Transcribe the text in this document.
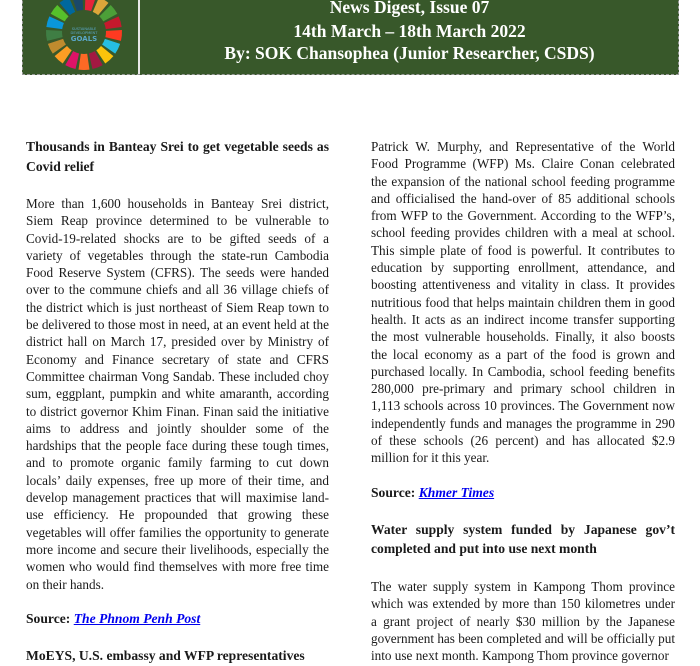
SUSTAINABLE
DEVELOPMENT
GOALS
News Digest, Issue 07
14th March – 18th March 2022
By: SOK Chansophea (Junior Researcher, CSDS)
Thousands in Banteay Srei to get vegetable seeds as Covid relief

More than 1,600 households in Banteay Srei district, Siem Reap province determined to be vulnerable to Covid-19-related shocks are to be gifted seeds of a variety of vegetables through the state-run Cambodia Food Reserve System (CFRS). The seeds were handed over to the commune chiefs and all 36 village chiefs of the district which is just northeast of Siem Reap town to be delivered to those most in need, at an event held at the district hall on March 17, presided over by Ministry of Economy and Finance secretary of state and CFRS Committee chairman Vong Sandab. These included choy sum, eggplant, pumpkin and white amaranth, according to district governor Khim Finan. Finan said the initiative aims to address and jointly shoulder some of the hardships that the people face during these tough times, and to promote organic family farming to cut down locals’ daily expenses, free up more of their time, and develop management practices that will maximise land-use efficiency. He propounded that growing these vegetables will offer families the opportunity to generate more income and secure their livelihoods, especially the women who would find themselves with more free time on their hands.

Source: The Phnom Penh Post

MoEYS, U.S. embassy and WFP representatives

Patrick W. Murphy, and Representative of the World Food Programme (WFP) Ms. Claire Conan celebrated the expansion of the national school feeding programme and officialised the hand-over of 85 additional schools from WFP to the Government. According to the WFP’s, school feeding provides children with a meal at school. This simple plate of food is powerful. It contributes to education by supporting enrollment, attendance, and boosting attentiveness and vitality in class. It provides nutritious food that helps maintain children them in good health. It acts as an indirect income transfer supporting the most vulnerable households. Finally, it also boosts the local economy as a part of the food is grown and purchased locally. In Cambodia, school feeding benefits 280,000 pre-primary and primary school children in 1,113 schools across 10 provinces. The Government now independently funds and manages the programme in 290 of these schools (26 percent) and has allocated $2.9 million for it this year.

Source: Khmer Times

Water supply system funded by Japanese gov’t completed and put into use next month

The water supply system in Kampong Thom province which was extended by more than 150 kilometres under a grant project of nearly $30 million by the Japanese government has been completed and will be officially put into use next month. Kampong Thom province governor
